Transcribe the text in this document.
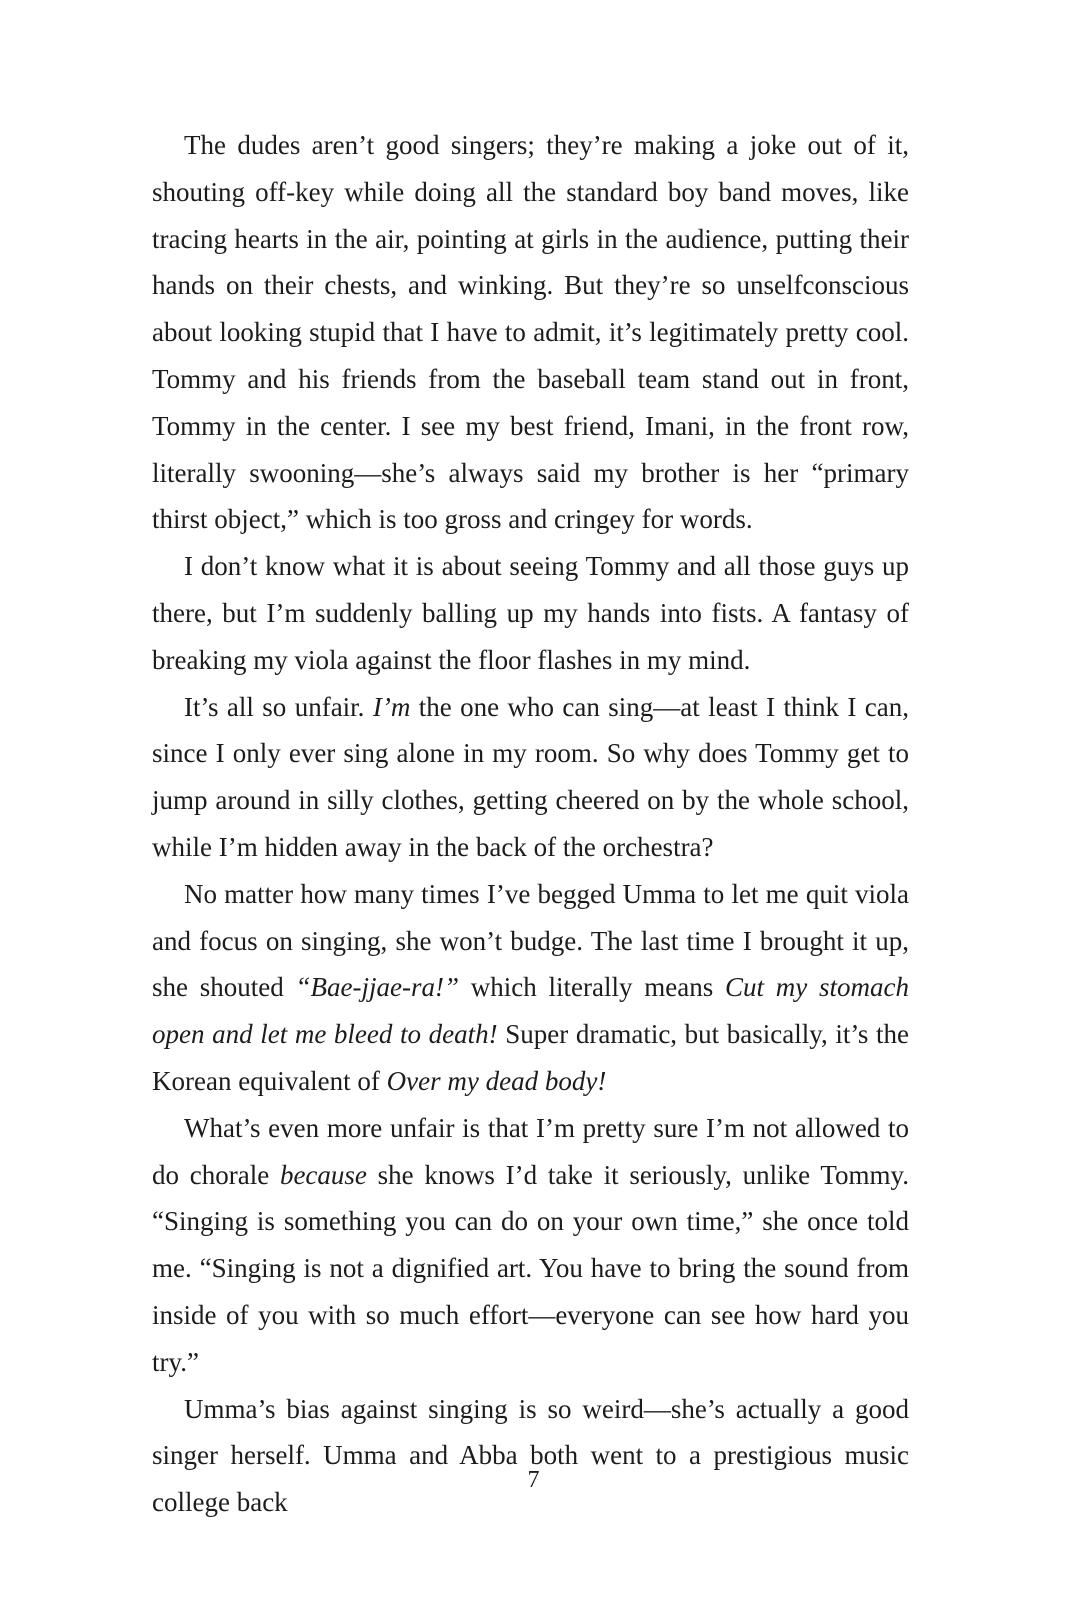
The dudes aren’t good singers; they’re making a joke out of it, shouting off-key while doing all the standard boy band moves, like tracing hearts in the air, pointing at girls in the audience, putting their hands on their chests, and winking. But they’re so unselfconscious about looking stupid that I have to admit, it’s legitimately pretty cool. Tommy and his friends from the baseball team stand out in front, Tommy in the center. I see my best friend, Imani, in the front row, literally swooning—she’s always said my brother is her “primary thirst object,” which is too gross and cringey for words.

I don’t know what it is about seeing Tommy and all those guys up there, but I’m suddenly balling up my hands into fists. A fantasy of breaking my viola against the floor flashes in my mind.

It’s all so unfair. I’m the one who can sing—at least I think I can, since I only ever sing alone in my room. So why does Tommy get to jump around in silly clothes, getting cheered on by the whole school, while I’m hidden away in the back of the orchestra?

No matter how many times I’ve begged Umma to let me quit viola and focus on singing, she won’t budge. The last time I brought it up, she shouted “Bae-jjae-ra!” which literally means Cut my stomach open and let me bleed to death! Super dramatic, but basically, it’s the Korean equivalent of Over my dead body!

What’s even more unfair is that I’m pretty sure I’m not allowed to do chorale because she knows I’d take it seriously, unlike Tommy. “Singing is something you can do on your own time,” she once told me. “Singing is not a dignified art. You have to bring the sound from inside of you with so much effort—everyone can see how hard you try.”

Umma’s bias against singing is so weird—she’s actually a good singer herself. Umma and Abba both went to a prestigious music college back

7
